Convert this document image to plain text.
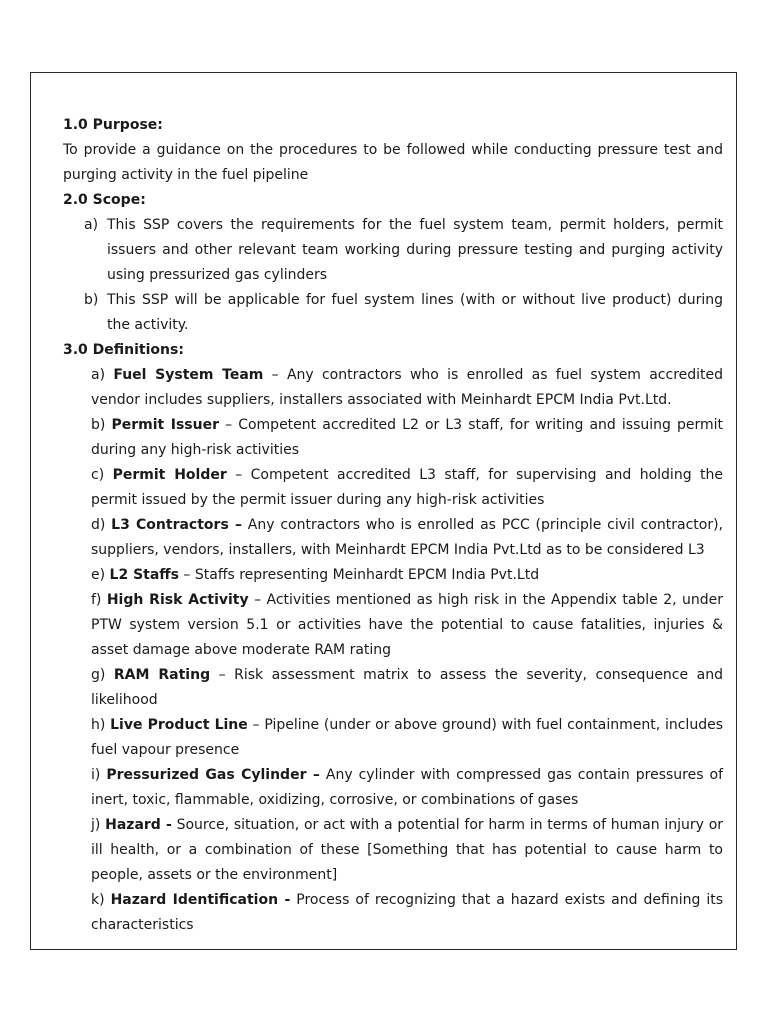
1.0 Purpose:

To provide a guidance on the procedures to be followed while conducting pressure test and purging activity in the fuel pipeline

2.0 Scope:

a) This SSP covers the requirements for the fuel system team, permit holders, permit issuers and other relevant team working during pressure testing and purging activity using pressurized gas cylinders

b) This SSP will be applicable for fuel system lines (with or without live product) during the activity.

3.0 Definitions:

a) Fuel System Team – Any contractors who is enrolled as fuel system accredited vendor includes suppliers, installers associated with Meinhardt EPCM India Pvt.Ltd.

b) Permit Issuer – Competent accredited L2 or L3 staff, for writing and issuing permit during any high-risk activities

c) Permit Holder – Competent accredited L3 staff, for supervising and holding the permit issued by the permit issuer during any high-risk activities

d) L3 Contractors – Any contractors who is enrolled as PCC (principle civil contractor), suppliers, vendors, installers, with Meinhardt EPCM India Pvt.Ltd as to be considered L3

e) L2 Staffs – Staffs representing Meinhardt EPCM India Pvt.Ltd

f) High Risk Activity – Activities mentioned as high risk in the Appendix table 2, under PTW system version 5.1 or activities have the potential to cause fatalities, injuries & asset damage above moderate RAM rating

g) RAM Rating – Risk assessment matrix to assess the severity, consequence and likelihood

h) Live Product Line – Pipeline (under or above ground) with fuel containment, includes fuel vapour presence

i) Pressurized Gas Cylinder – Any cylinder with compressed gas contain pressures of inert, toxic, flammable, oxidizing, corrosive, or combinations of gases

j) Hazard - Source, situation, or act with a potential for harm in terms of human injury or ill health, or a combination of these [Something that has potential to cause harm to people, assets or the environment]

k) Hazard Identification - Process of recognizing that a hazard exists and defining its characteristics
